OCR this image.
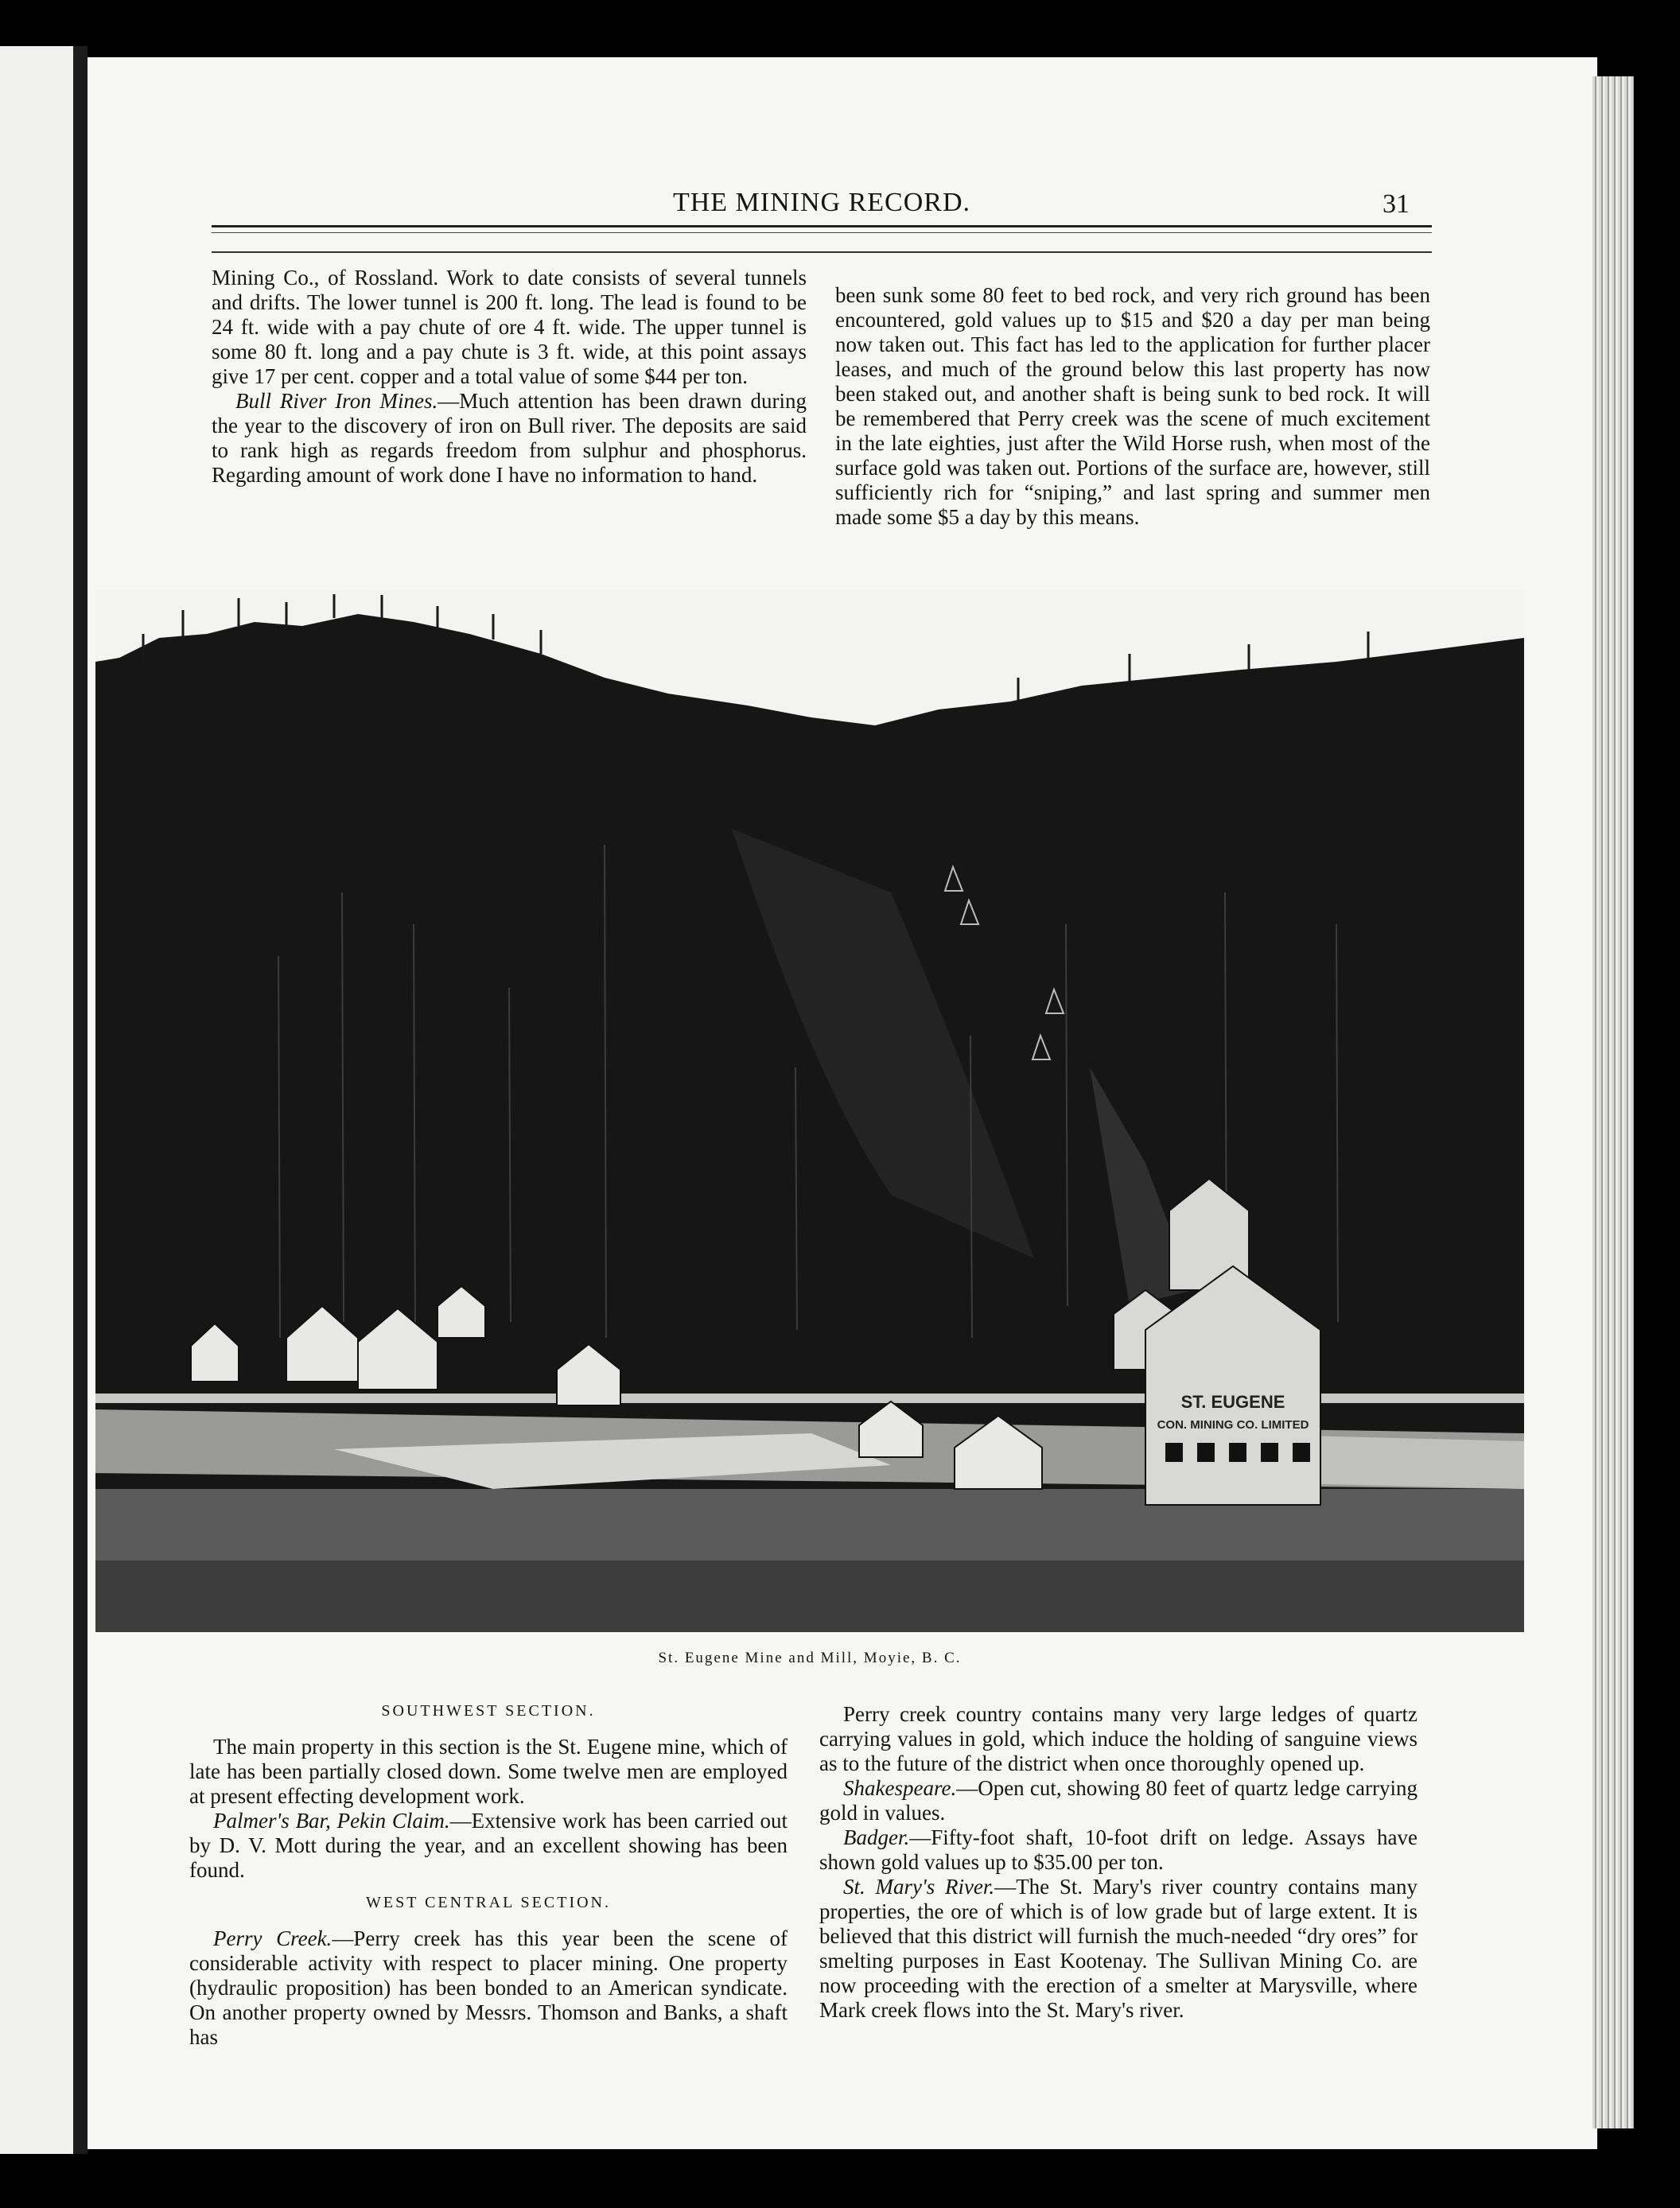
THE MINING RECORD.	31

Mining Co., of Rossland. Work to date consists of several tunnels and drifts. The lower tunnel is 200 ft. long. The lead is found to be 24 ft. wide with a pay chute of ore 4 ft. wide. The upper tunnel is some 80 ft. long and a pay chute is 3 ft. wide, at this point assays give 17 per cent. copper and a total value of some $44 per ton.

Bull River Iron Mines.—Much attention has been drawn during the year to the discovery of iron on Bull river. The deposits are said to rank high as regards freedom from sulphur and phosphorus. Regarding amount of work done I have no information to hand.

been sunk some 80 feet to bed rock, and very rich ground has been encountered, gold values up to $15 and $20 a day per man being now taken out. This fact has led to the application for further placer leases, and much of the ground below this last property has now been staked out, and another shaft is being sunk to bed rock. It will be remembered that Perry creek was the scene of much excitement in the late eighties, just after the Wild Horse rush, when most of the surface gold was taken out. Portions of the surface are, however, still sufficiently rich for “sniping,” and last spring and summer men made some $5 a day by this means.

ST. EUGENE
CON. MINING CO. LIMITED
St. Eugene Mine and Mill, Moyie, B. C.

SOUTHWEST SECTION.

The main property in this section is the St. Eugene mine, which of late has been partially closed down. Some twelve men are employed at present effecting development work.

Palmer's Bar, Pekin Claim.—Extensive work has been carried out by D. V. Mott during the year, and an excellent showing has been found.

WEST CENTRAL SECTION.

Perry Creek.—Perry creek has this year been the scene of considerable activity with respect to placer mining. One property (hydraulic proposition) has been bonded to an American syndicate. On another property owned by Messrs. Thomson and Banks, a shaft has

Perry creek country contains many very large ledges of quartz carrying values in gold, which induce the holding of sanguine views as to the future of the district when once thoroughly opened up.

Shakespeare.—Open cut, showing 80 feet of quartz ledge carrying gold in values.

Badger.—Fifty-foot shaft, 10-foot drift on ledge. Assays have shown gold values up to $35.00 per ton.

St. Mary's River.—The St. Mary's river country contains many properties, the ore of which is of low grade but of large extent. It is believed that this district will furnish the much-needed “dry ores” for smelting purposes in East Kootenay. The Sullivan Mining Co. are now proceeding with the erection of a smelter at Marysville, where Mark creek flows into the St. Mary's river.
